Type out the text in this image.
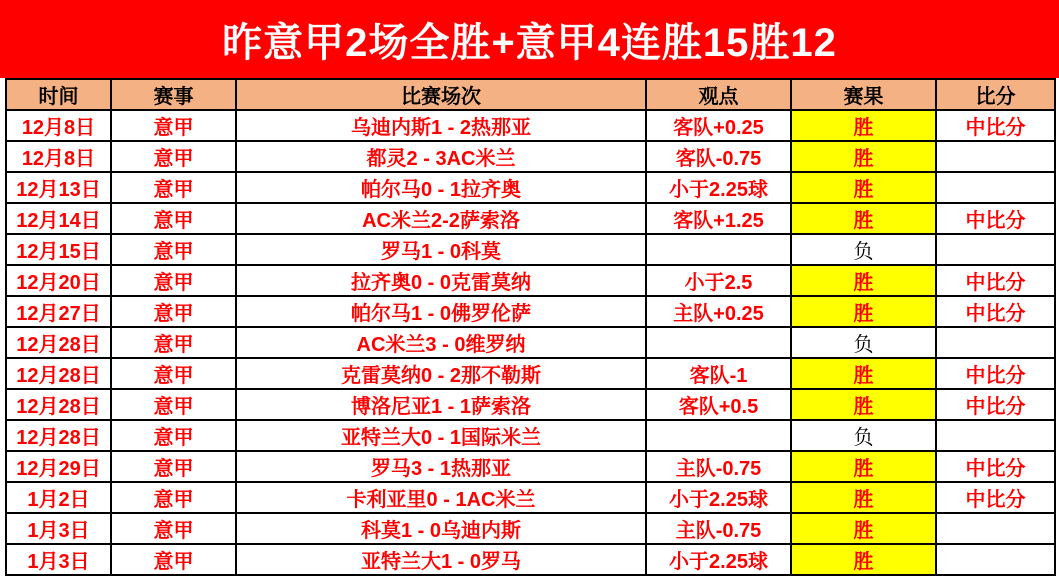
昨意甲2场全胜+意甲4连胜15胜12
时间	赛事	比赛场次	观点	赛果	比分
12月8日	意甲	乌迪内斯1 - 2热那亚	客队+0.25	胜	中比分
12月8日	意甲	都灵2 - 3AC米兰	客队-0.75	胜	
12月13日	意甲	帕尔马0 - 1拉齐奥	小于2.25球	胜	
12月14日	意甲	AC米兰2-2萨索洛	客队+1.25	胜	中比分
12月15日	意甲	罗马1 - 0科莫		负	
12月20日	意甲	拉齐奥0 - 0克雷莫纳	小于2.5	胜	中比分
12月27日	意甲	帕尔马1 - 0佛罗伦萨	主队+0.25	胜	中比分
12月28日	意甲	AC米兰3 - 0维罗纳		负	
12月28日	意甲	克雷莫纳0 - 2那不勒斯	客队-1	胜	中比分
12月28日	意甲	博洛尼亚1 - 1萨索洛	客队+0.5	胜	中比分
12月28日	意甲	亚特兰大0 - 1国际米兰		负	
12月29日	意甲	罗马3 - 1热那亚	主队-0.75	胜	中比分
1月2日	意甲	卡利亚里0 - 1AC米兰	小于2.25球	胜	中比分
1月3日	意甲	科莫1 - 0乌迪内斯	主队-0.75	胜	
1月3日	意甲	亚特兰大1 - 0罗马	小于2.25球	胜	
